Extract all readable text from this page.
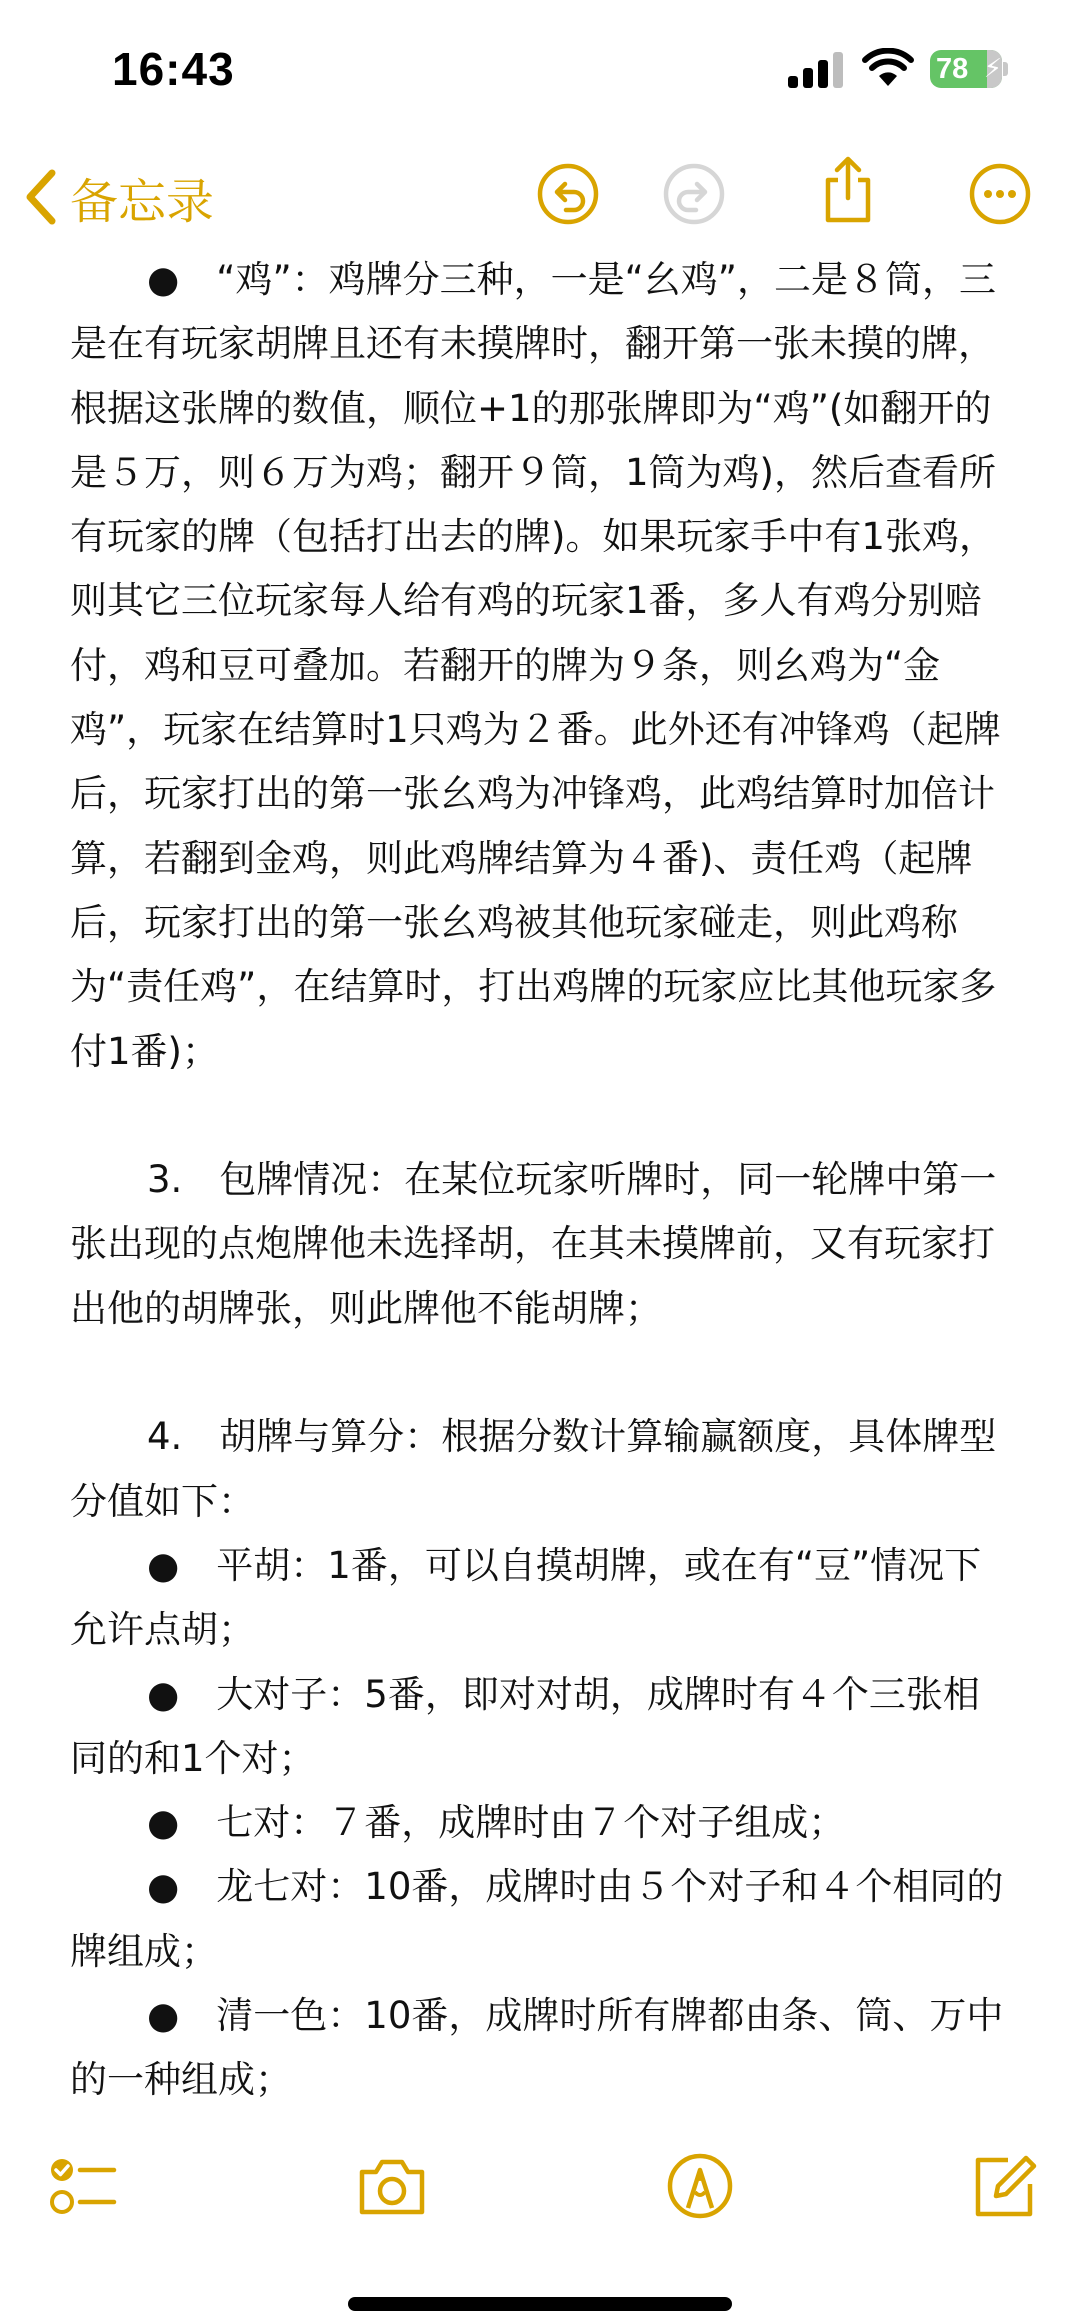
16:43	78 ⚡
备忘录

●　“鸡”：鸡牌分三种，一是“幺鸡”，二是８筒，三是在有玩家胡牌且还有未摸牌时，翻开第一张未摸的牌，根据这张牌的数值，顺位+1的那张牌即为“鸡”(如翻开的是５万，则６万为鸡；翻开９筒，1筒为鸡)，然后查看所有玩家的牌（包括打出去的牌)。如果玩家手中有1张鸡，则其它三位玩家每人给有鸡的玩家1番，多人有鸡分别赔付，鸡和豆可叠加。若翻开的牌为９条，则幺鸡为“金鸡”，玩家在结算时1只鸡为２番。此外还有冲锋鸡（起牌后，玩家打出的第一张幺鸡为冲锋鸡，此鸡结算时加倍计算，若翻到金鸡，则此鸡牌结算为４番)、责任鸡（起牌后，玩家打出的第一张幺鸡被其他玩家碰走，则此鸡称为“责任鸡”，在结算时，打出鸡牌的玩家应比其他玩家多付1番)；

3.　包牌情况：在某位玩家听牌时，同一轮牌中第一张出现的点炮牌他未选择胡，在其未摸牌前，又有玩家打出他的胡牌张，则此牌他不能胡牌；

4.　胡牌与算分：根据分数计算输赢额度，具体牌型分值如下：

●　平胡：1番，可以自摸胡牌，或在有“豆”情况下允许点胡；

●　大对子：5番，即对对胡，成牌时有４个三张相同的和1个对；

●　七对：７番，成牌时由７个对子组成；

●　龙七对：10番，成牌时由５个对子和４个相同的牌组成；

●　清一色：10番，成牌时所有牌都由条、筒、万中的一种组成；
